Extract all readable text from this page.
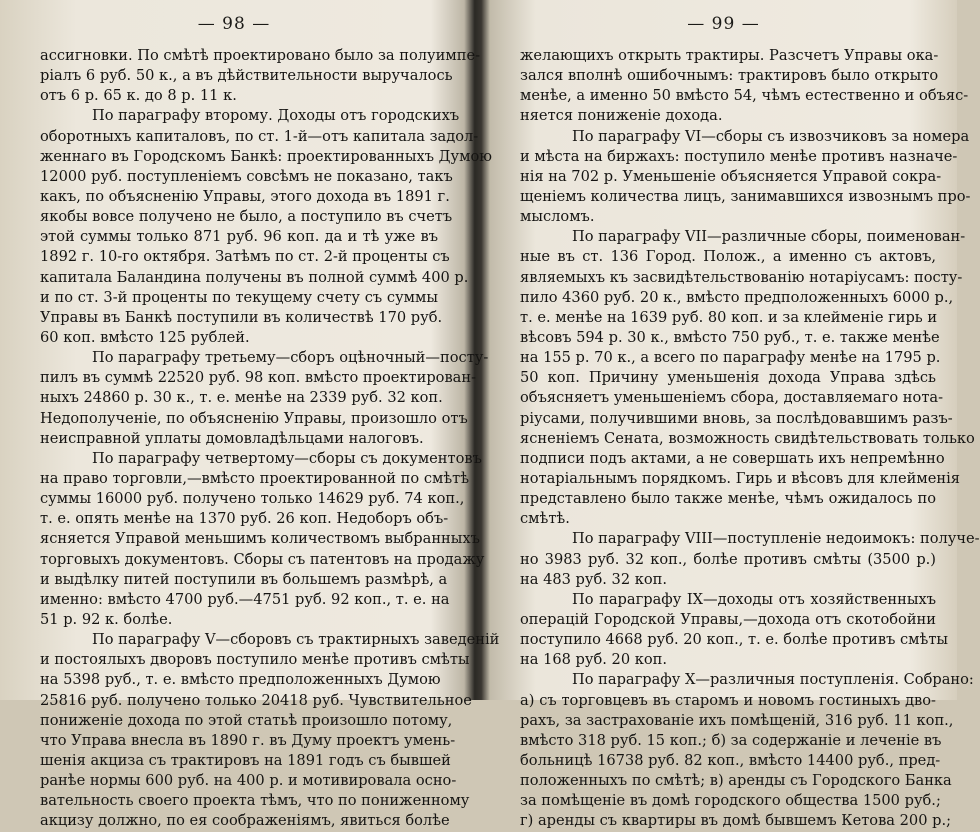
— 98 —
ассигновки. По смѣтѣ проектировано было за полуимпе-
ріалъ 6 руб. 50 к., а въ дѣйствительности выручалось
отъ 6 р. 65 к. до 8 р. 11 к.
По параграфу второму. Доходы отъ городскихъ
оборотныхъ капиталовъ, по ст. 1-й—отъ капитала задол-
женнаго въ Городскомъ Банкѣ: проектированныхъ Думою
12000 руб. поступленіемъ совсѣмъ не показано, такъ
какъ, по объясненію Управы, этого дохода въ 1891 г.
якобы вовсе получено не было, а поступило въ счетъ
этой суммы только 871 руб. 96 коп. да и тѣ уже въ
1892 г. 10-го октября. Затѣмъ по ст. 2-й проценты съ
капитала Баландина получены въ полной суммѣ 400 р.
и по ст. 3-й проценты по текущему счету съ суммы
Управы въ Банкѣ поступили въ количествѣ 170 руб.
60 коп. вмѣсто 125 рублей.
По параграфу третьему—сборъ оцѣночный—посту-
пилъ въ суммѣ 22520 руб. 98 коп. вмѣсто проектирован-
ныхъ 24860 р. 30 к., т. е. менѣе на 2339 руб. 32 коп.
Недополученіе, по объясненію Управы, произошло отъ
неисправной уплаты домовладѣльцами налоговъ.
По параграфу четвертому—сборы съ документовъ
на право торговли,—вмѣсто проектированной по смѣтѣ
суммы 16000 руб. получено только 14629 руб. 74 коп.,
т. е. опять менѣе на 1370 руб. 26 коп. Недоборъ объ-
ясняется Управой меньшимъ количествомъ выбранныхъ
торговыхъ документовъ. Сборы съ патентовъ на продажу
и выдѣлку питей поступили въ большемъ размѣрѣ, а
именно: вмѣсто 4700 руб.—4751 руб. 92 коп., т. е. на
51 р. 92 к. болѣе.
По параграфу V—сборовъ съ трактирныхъ заведеній
и постоялыхъ дворовъ поступило менѣе противъ смѣты
на 5398 руб., т. е. вмѣсто предположенныхъ Думою
25816 руб. получено только 20418 руб. Чувствительное
пониженіе дохода по этой статьѣ произошло потому,
что Управа внесла въ 1890 г. въ Думу проектъ умень-
шенія акциза съ трактировъ на 1891 годъ съ бывшей
ранѣе нормы 600 руб. на 400 р. и мотивировала осно-
вательность своего проекта тѣмъ, что по пониженному
акцизу должно, по ея соображеніямъ, явиться болѣе
— 99 —
желающихъ открыть трактиры. Разсчетъ Управы ока-
зался вполнѣ ошибочнымъ: трактировъ было открыто
менѣе, а именно 50 вмѣсто 54, чѣмъ естественно и объяс-
няется пониженіе дохода.
По параграфу VI—сборы съ извозчиковъ за номера
и мѣста на биржахъ: поступило менѣе противъ назначе-
нія на 702 р. Уменьшеніе объясняется Управой сокра-
щеніемъ количества лицъ, занимавшихся извознымъ про-
мысломъ.
По параграфу VII—различные сборы, поименован-
ные въ ст. 136 Город. Полож., а именно съ актовъ,
являемыхъ къ засвидѣтельствованію нотаріусамъ: посту-
пило 4360 руб. 20 к., вмѣсто предположенныхъ 6000 р.,
т. е. менѣе на 1639 руб. 80 коп. и за клейменіе гирь и
вѣсовъ 594 р. 30 к., вмѣсто 750 руб., т. е. также менѣе
на 155 р. 70 к., а всего по параграфу менѣе на 1795 р.
50 коп. Причину уменьшенія дохода Управа здѣсь
объясняетъ уменьшеніемъ сбора, доставляемаго нота-
ріусами, получившими вновь, за послѣдовавшимъ разъ-
ясненіемъ Сената, возможность свидѣтельствовать только
подписи подъ актами, а не совершать ихъ непремѣнно
нотаріальнымъ порядкомъ. Гирь и вѣсовъ для клейменія
представлено было также менѣе, чѣмъ ожидалось по
смѣтѣ.
По параграфу VIII—поступленіе недоимокъ: получе-
но 3983 руб. 32 коп., болѣе противъ смѣты (3500 р.)
на 483 руб. 32 коп.
По параграфу IX—доходы отъ хозяйственныхъ
операцій Городской Управы,—дохода отъ скотобойни
поступило 4668 руб. 20 коп., т. е. болѣе противъ смѣты
на 168 руб. 20 коп.
По параграфу X—различныя поступленія. Собрано:
а) съ торговцевъ въ старомъ и новомъ гостиныхъ дво-
рахъ, за застрахованіе ихъ помѣщеній, 316 руб. 11 коп.,
вмѣсто 318 руб. 15 коп.; б) за содержаніе и леченіе въ
больницѣ 16738 руб. 82 коп., вмѣсто 14400 руб., пред-
положенныхъ по смѣтѣ; в) аренды съ Городского Банка
за помѣщеніе въ домѣ городского общества 1500 руб.;
г) аренды съ квартиры въ домѣ бывшемъ Кетова 200 р.;
